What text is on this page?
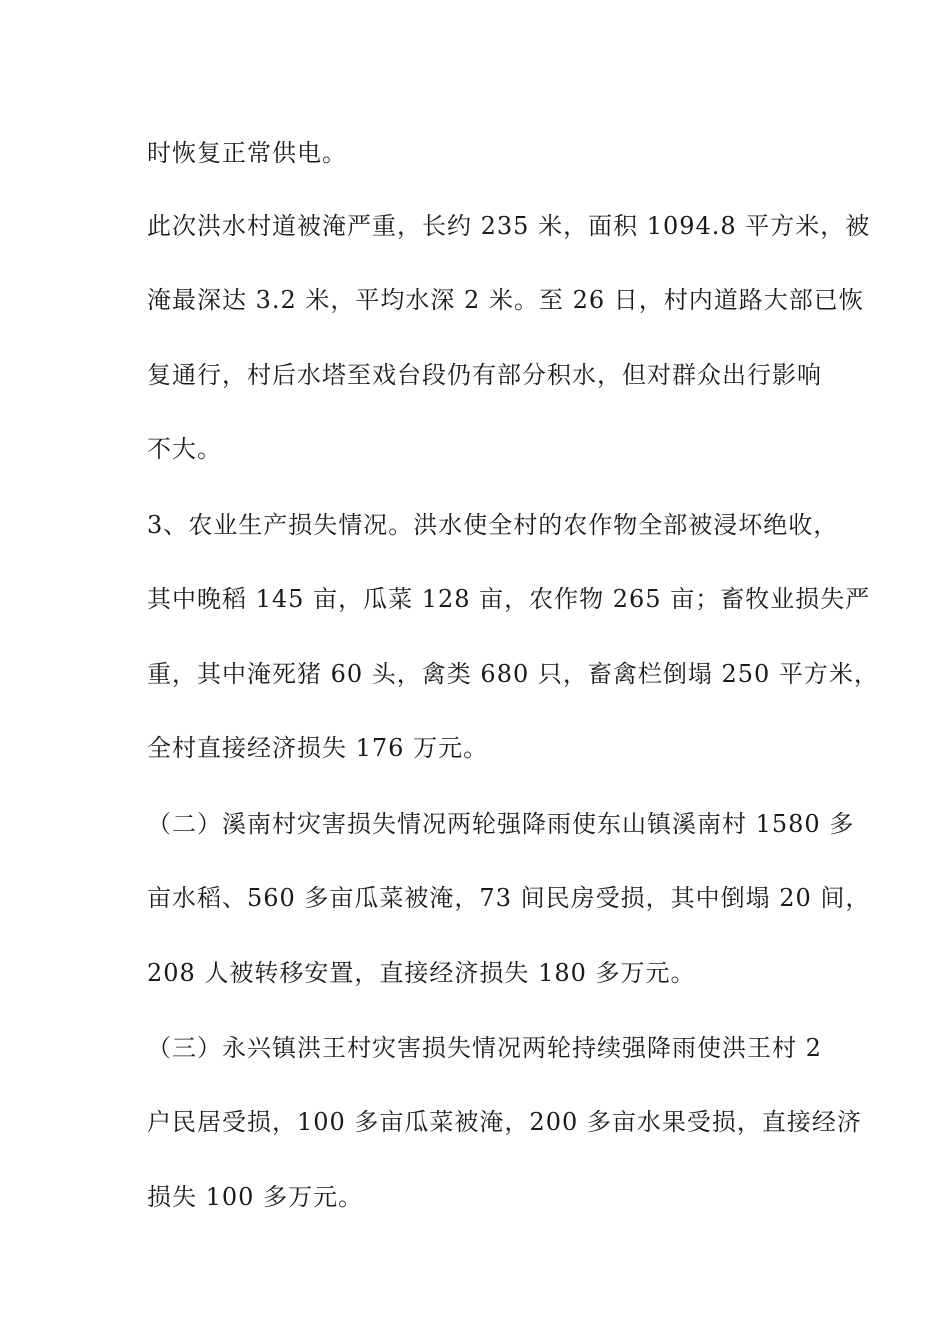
时恢复正常供电。
此次洪水村道被淹严重，长约 235 米，面积 1094.8 平方米，被
淹最深达 3.2 米，平均水深 2 米。至 26 日，村内道路大部已恢
复通行，村后水塔至戏台段仍有部分积水，但对群众出行影响
不大。
3、农业生产损失情况。洪水使全村的农作物全部被浸坏绝收，
其中晚稻 145 亩，瓜菜 128 亩，农作物 265 亩；畜牧业损失严
重，其中淹死猪 60 头，禽类 680 只，畜禽栏倒塌 250 平方米，
全村直接经济损失 176 万元。
（二）溪南村灾害损失情况两轮强降雨使东山镇溪南村 1580 多
亩水稻、560 多亩瓜菜被淹，73 间民房受损，其中倒塌 20 间，
208 人被转移安置，直接经济损失 180 多万元。
（三）永兴镇洪王村灾害损失情况两轮持续强降雨使洪王村 2
户民居受损，100 多亩瓜菜被淹，200 多亩水果受损，直接经济
损失 100 多万元。
